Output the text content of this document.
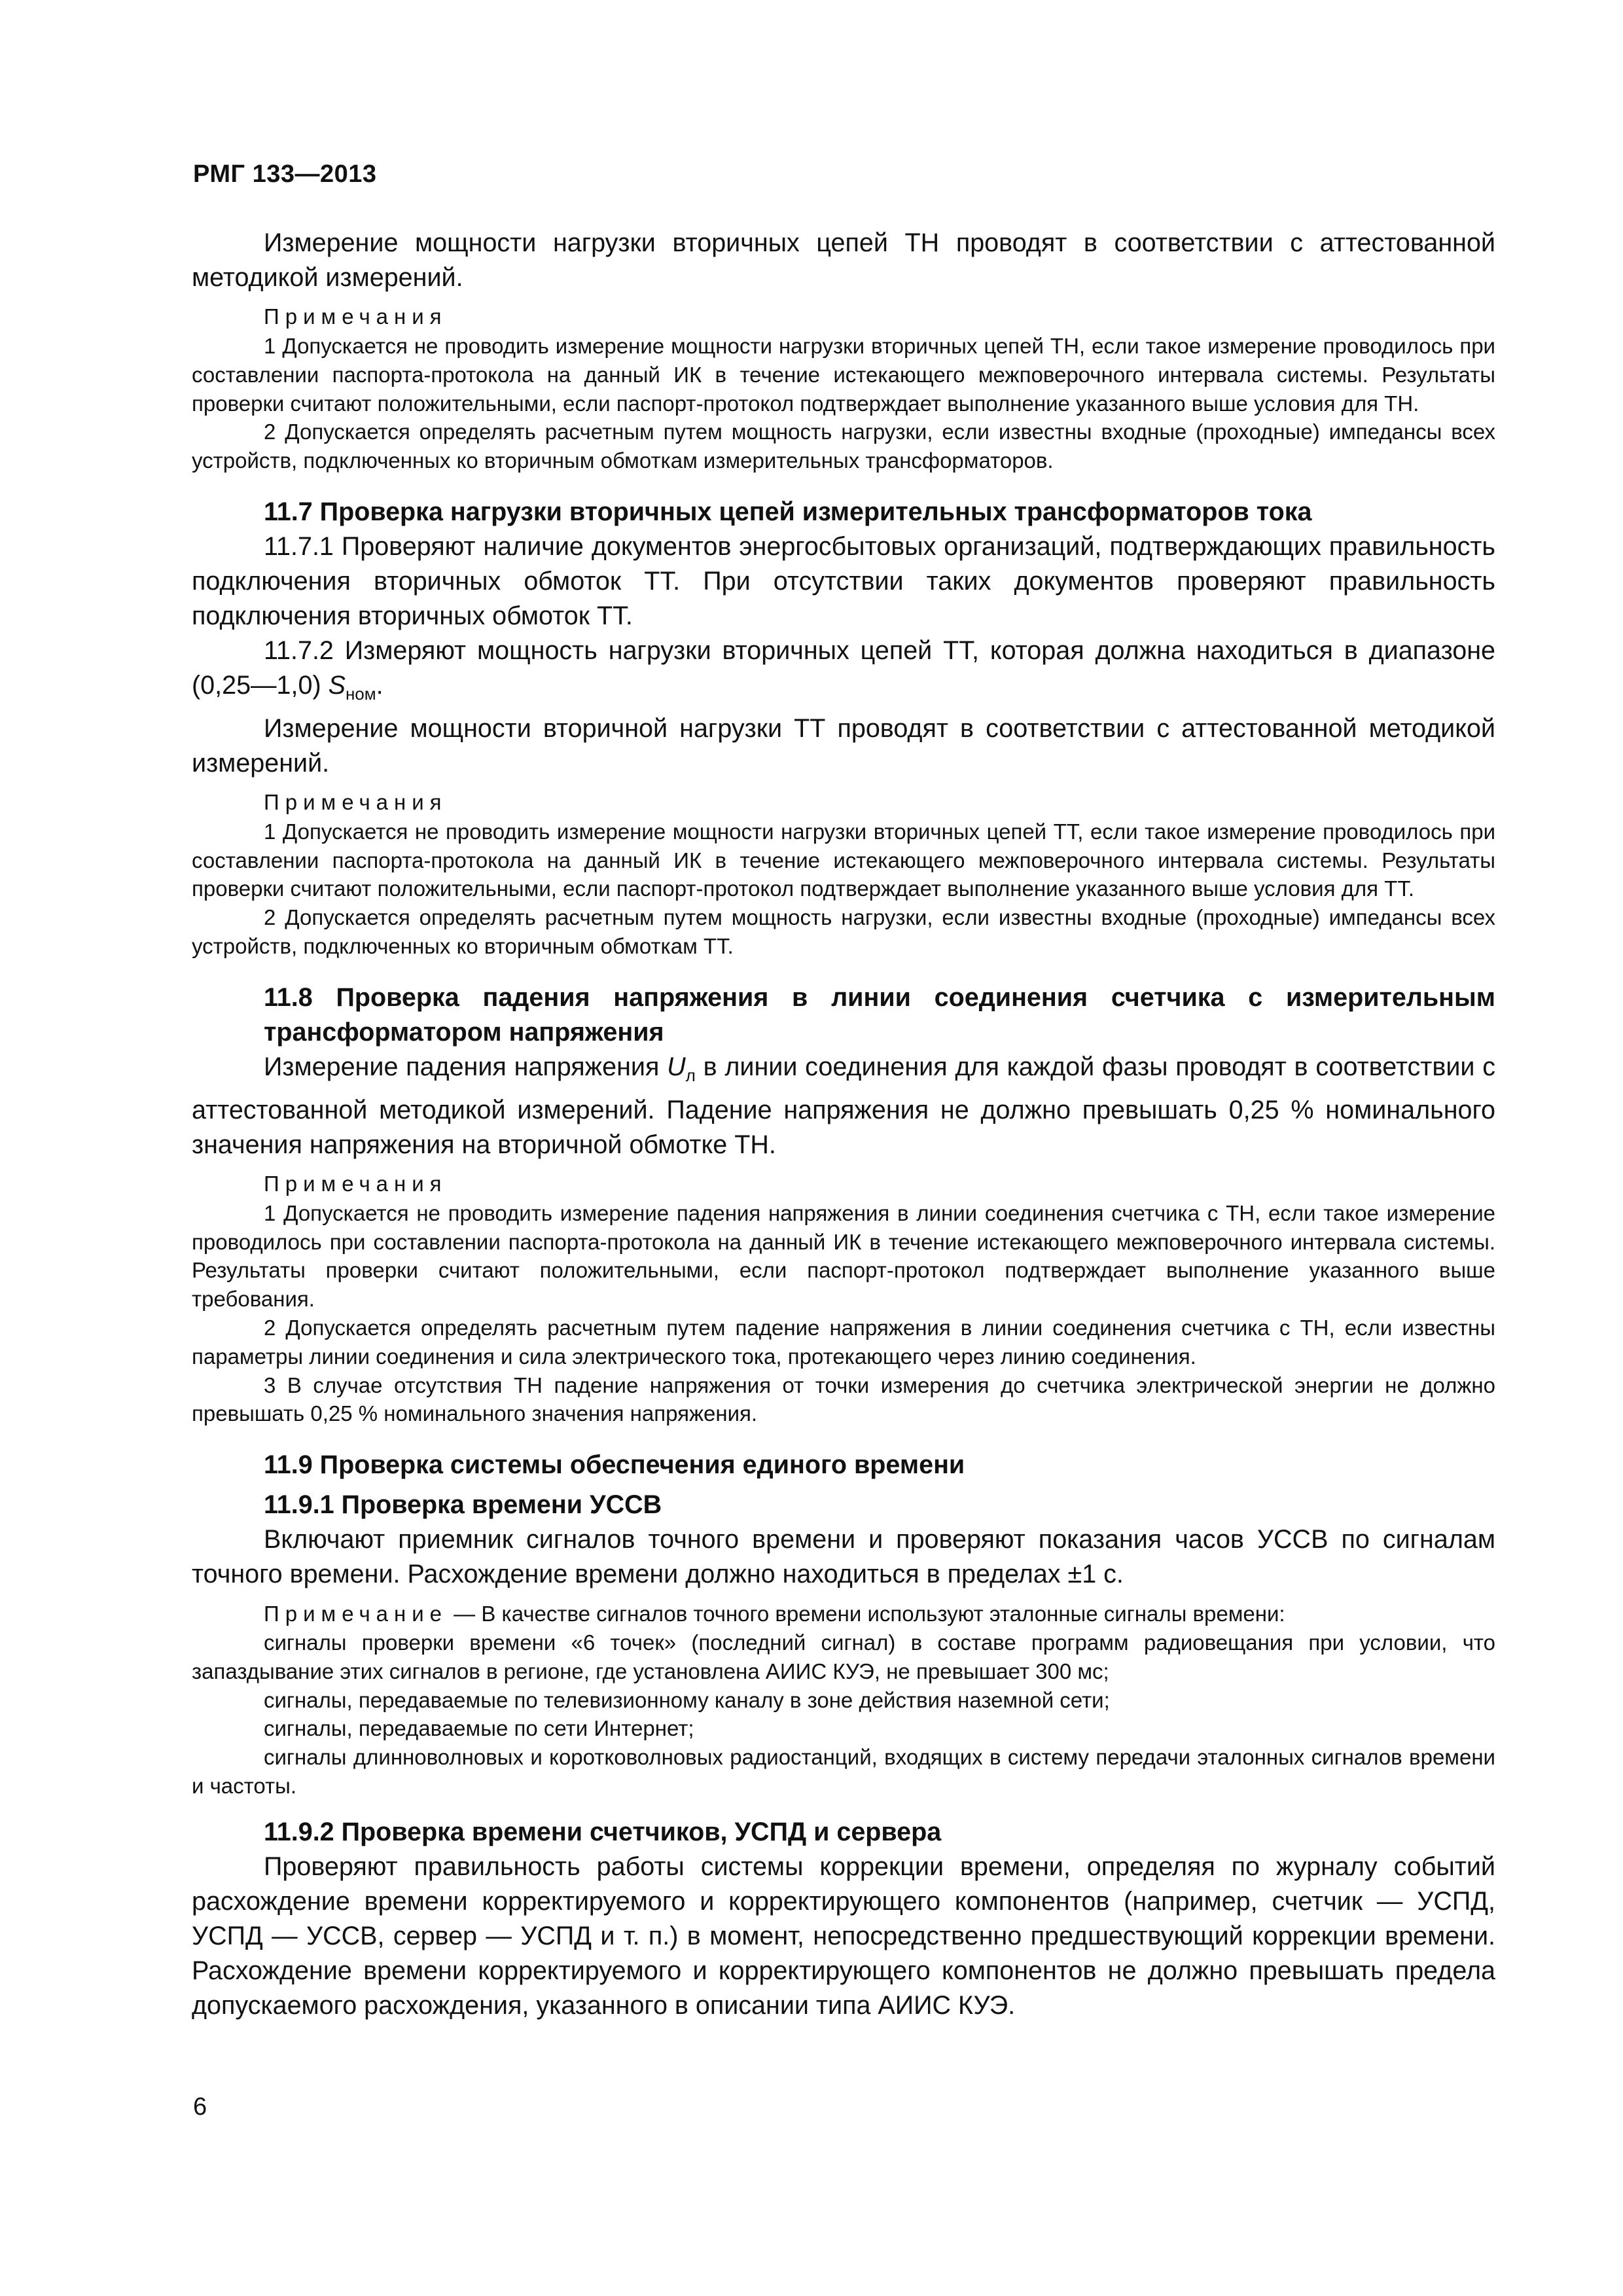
РМГ 133—2013

Измерение мощности нагрузки вторичных цепей ТН проводят в соответствии с аттестованной методикой измерений.

Примечания

1 Допускается не проводить измерение мощности нагрузки вторичных цепей ТН, если такое измерение проводилось при составлении паспорта-протокола на данный ИК в течение истекающего межповерочного интервала системы. Результаты проверки считают положительными, если паспорт-протокол подтверждает выполнение указанного выше условия для ТН.

2 Допускается определять расчетным путем мощность нагрузки, если известны входные (проходные) импедансы всех устройств, подключенных ко вторичным обмоткам измерительных трансформаторов.

11.7 Проверка нагрузки вторичных цепей измерительных трансформаторов тока

11.7.1 Проверяют наличие документов энергосбытовых организаций, подтверждающих правильность подключения вторичных обмоток ТТ. При отсутствии таких документов проверяют правильность подключения вторичных обмоток ТТ.

11.7.2 Измеряют мощность нагрузки вторичных цепей ТТ, которая должна находиться в диапазоне (0,25—1,0) $S_{ном}$.

Измерение мощности вторичной нагрузки ТТ проводят в соответствии с аттестованной методикой измерений.

Примечания

1 Допускается не проводить измерение мощности нагрузки вторичных цепей ТТ, если такое измерение проводилось при составлении паспорта-протокола на данный ИК в течение истекающего межповерочного интервала системы. Результаты проверки считают положительными, если паспорт-протокол подтверждает выполнение указанного выше условия для ТТ.

2 Допускается определять расчетным путем мощность нагрузки, если известны входные (проходные) импедансы всех устройств, подключенных ко вторичным обмоткам ТТ.

11.8 Проверка падения напряжения в линии соединения счетчика с измерительным трансформатором напряжения

Измерение падения напряжения $U_л$ в линии соединения для каждой фазы проводят в соответствии с аттестованной методикой измерений. Падение напряжения не должно превышать 0,25 % номинального значения напряжения на вторичной обмотке ТН.

Примечания

1 Допускается не проводить измерение падения напряжения в линии соединения счетчика с ТН, если такое измерение проводилось при составлении паспорта-протокола на данный ИК в течение истекающего межповерочного интервала системы. Результаты проверки считают положительными, если паспорт-протокол подтверждает выполнение указанного выше требования.

2 Допускается определять расчетным путем падение напряжения в линии соединения счетчика с ТН, если известны параметры линии соединения и сила электрического тока, протекающего через линию соединения.

3 В случае отсутствия ТН падение напряжения от точки измерения до счетчика электрической энергии не должно превышать 0,25 % номинального значения напряжения.

11.9 Проверка системы обеспечения единого времени

11.9.1 Проверка времени УССВ

Включают приемник сигналов точного времени и проверяют показания часов УССВ по сигналам точного времени. Расхождение времени должно находиться в пределах ±1 с.

Примечание — В качестве сигналов точного времени используют эталонные сигналы времени:

сигналы проверки времени «6 точек» (последний сигнал) в составе программ радиовещания при условии, что запаздывание этих сигналов в регионе, где установлена АИИС КУЭ, не превышает 300 мс;

сигналы, передаваемые по телевизионному каналу в зоне действия наземной сети;

сигналы, передаваемые по сети Интернет;

сигналы длинноволновых и коротковолновых радиостанций, входящих в систему передачи эталонных сигналов времени и частоты.

11.9.2 Проверка времени счетчиков, УСПД и сервера

Проверяют правильность работы системы коррекции времени, определяя по журналу событий расхождение времени корректируемого и корректирующего компонентов (например, счетчик — УСПД, УСПД — УССВ, сервер — УСПД и т. п.) в момент, непосредственно предшествующий коррекции времени. Расхождение времени корректируемого и корректирующего компонентов не должно превышать предела допускаемого расхождения, указанного в описании типа АИИС КУЭ.

6
